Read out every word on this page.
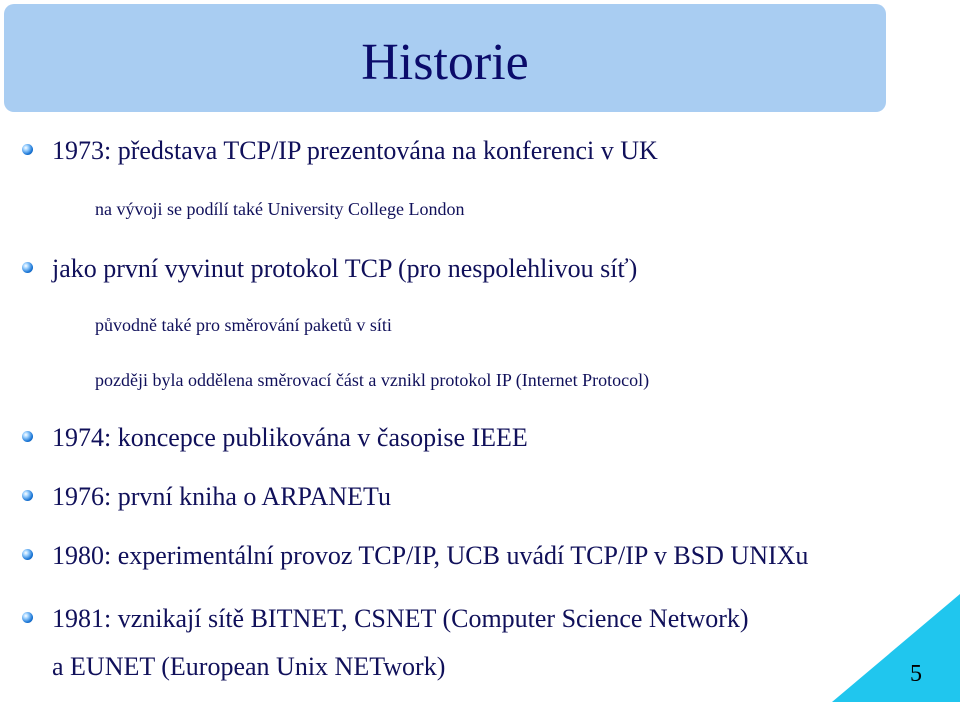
Historie
1973: představa TCP/IP prezentována na konferenci v UK
na vývoji se podílí také University College London
jako první vyvinut protokol TCP (pro nespolehlivou síť)
původně také pro směrování paketů v síti
později byla oddělena směrovací část a vznikl protokol IP (Internet Protocol)
1974: koncepce publikována v časopise IEEE
1976: první kniha o ARPANETu
1980: experimentální provoz TCP/IP, UCB uvádí TCP/IP v BSD UNIXu
1981: vznikají sítě BITNET, CSNET (Computer Science Network)
a EUNET (European Unix NETwork)	5
